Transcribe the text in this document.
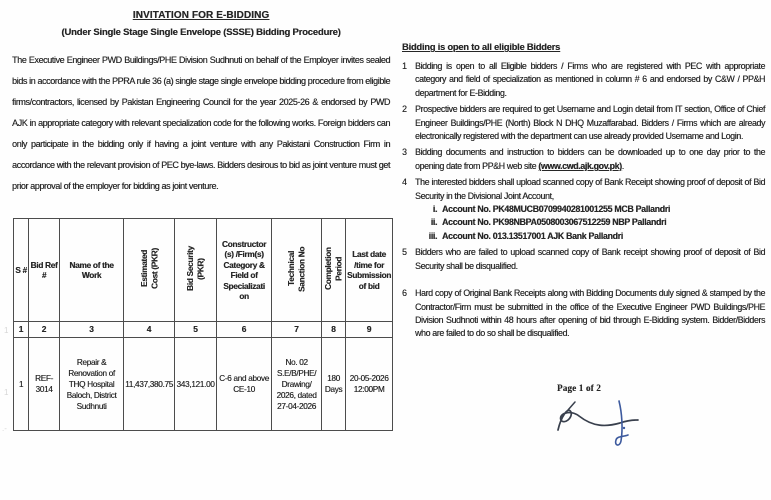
INVITATION FOR E-BIDDING
(Under Single Stage Single Envelope (SSSE) Bidding Procedure)

The Executive Engineer PWD Buildings/PHE Division Sudhnuti on behalf of the Employer invites sealed bids in accordance with the PPRA rule 36 (a) single stage single envelope bidding procedure from eligible firms/contractors, licensed by Pakistan Engineering Council for the year 2025-26 & endorsed by PWD AJK in appropriate category with relevant specialization code for the following works. Foreign bidders can only participate in the bidding only if having a joint venture with any Pakistani Construction Firm in accordance with the relevant provision of PEC bye-laws. Bidders desirous to bid as joint venture must get prior approval of the employer for bidding as joint venture.

S #	Bid Ref #	Name of the Work	Estimated Cost (PKR)	Bid Security (PKR)	Constructor (s) /Firm(s) Category & Field of Specializati on	Technical Sanction No	Completion Period	Last date /time for Submission of bid
1	2	3	4	5	6	7	8	9
1	REF-3014	Repair & Renovation of THQ Hospital Baloch, District Sudhnuti	11,437,380.75	343,121.00	C-6 and above CE-10	No. 02 S.E/B/PHE/ Drawing/ 2026, dated 27-04-2026	180 Days	20-05-2026 12:00PM
Bidding is open to all eligible Bidders
1 Bidding is open to all Eligible bidders / Firms who are registered with PEC with appropriate category and field of specialization as mentioned in column # 6 and endorsed by C&W / PP&H department for E-Bidding.
2 Prospective bidders are required to get Username and Login detail from IT section, Office of Chief Engineer Buildings/PHE (North) Block N DHQ Muzaffarabad. Bidders / Firms which are already electronically registered with the department can use already provided Username and Login.
3 Bidding documents and instruction to bidders can be downloaded up to one day prior to the opening date from PP&H web site (www.cwd.ajk.gov.pk).
4 The interested bidders shall upload scanned copy of Bank Receipt showing proof of deposit of Bid Security in the Divisional Joint Account,
i. Account No. PK48MUCB0709940281001255 MCB Pallandri
ii. Account No. PK98NBPA0508003067512259 NBP Pallandri
iii. Account No. 013.13517001 AJK Bank Pallandri
5 Bidders who are failed to upload scanned copy of Bank receipt showing proof of deposit of Bid Security shall be disqualified.
6 Hard copy of Original Bank Receipts along with Bidding Documents duly signed & stamped by the Contractor/Firm must be submitted in the office of the Executive Engineer PWD Buildings/PHE Division Sudhnoti within 48 hours after opening of bid through E-Bidding system. Bidder/Bidders who are failed to do so shall be disqualified.
Page 1 of 2
1
1
.-
